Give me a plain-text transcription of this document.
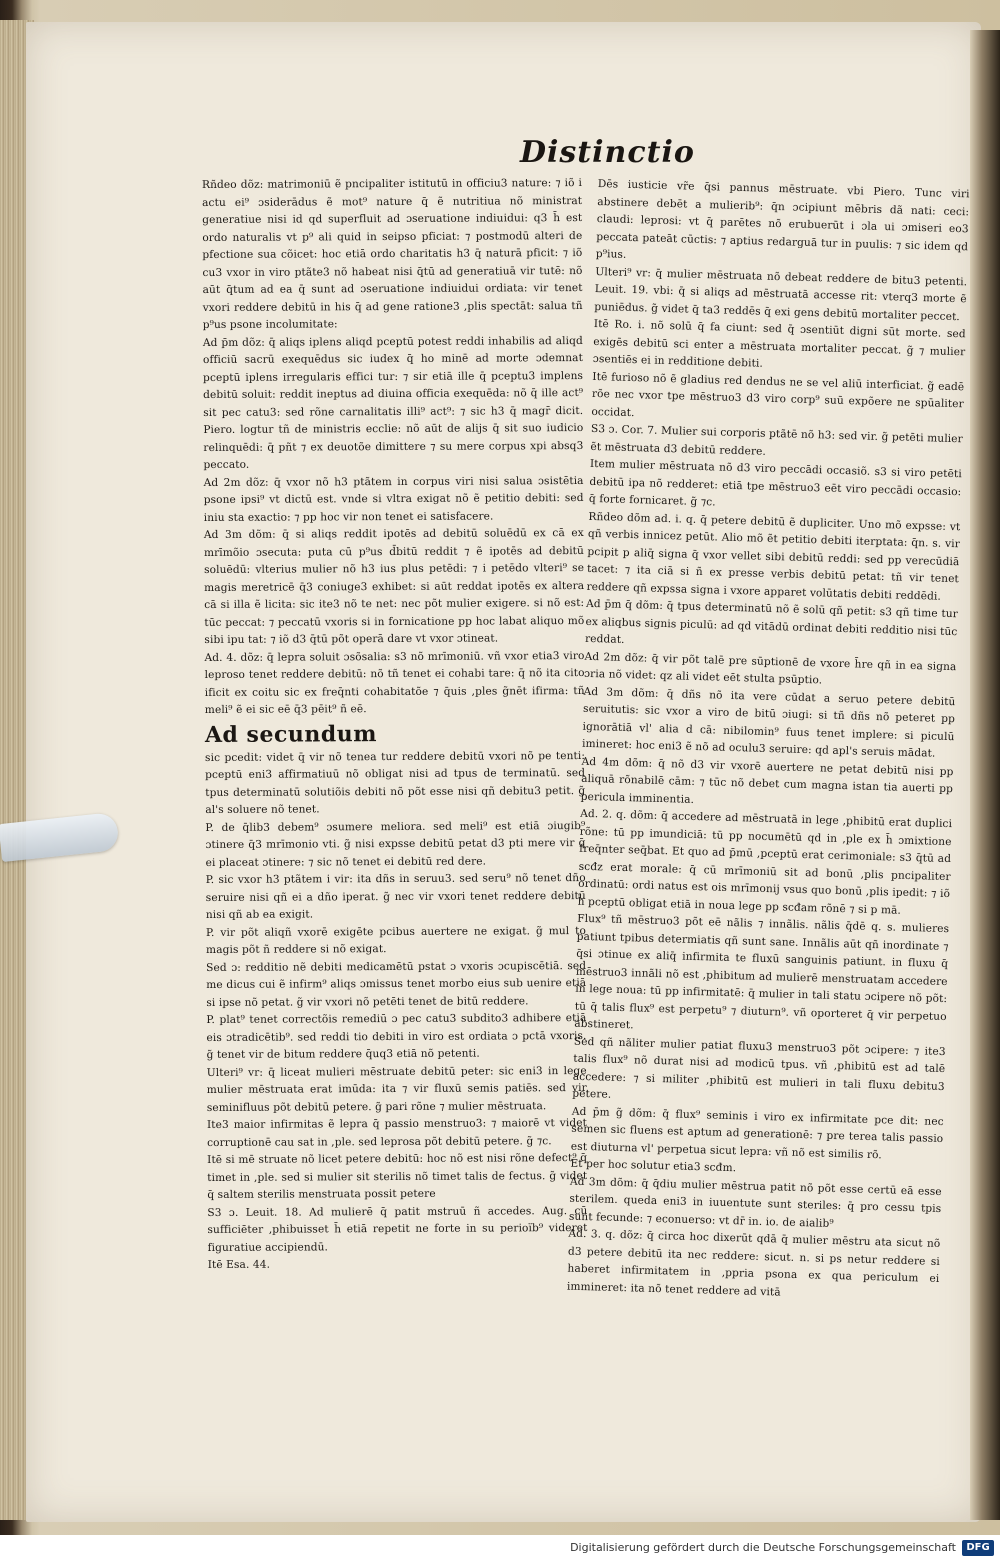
Distinctio

Rñdeo dõz: matrimoniū ẽ pncipaliter istitutū in officiu3 nature: ⁊ iõ i actu ei⁹ ɔsiderādus ẽ mot⁹ nature q̄ ẽ nutritiua nõ ministrat generatiue nisi id qd superfluit ad ɔseruatione indiuidui: q3 h̄ est ordo naturalis vt p⁹ ali quid in seipso pficiat: ⁊ postmodū alteri de pfectione sua cõicet: hoc etiā ordo charitatis h3 q̄ naturā pficit: ⁊ iõ cu3 vxor in viro ptãte3 nõ habeat nisi q̄tū ad generatiuā vir tutē: nõ aūt q̄tum ad ea q̄ sunt ad ɔseruatione indiuidui ordiata: vir tenet vxori reddere debitū in his q̄ ad gene ratione3 ,plis spectāt: salua tñ p⁹us psone incolumitate:

Ad p̄m dõz: q̄ aliqs iplens aliqd pceptū potest reddi inhabilis ad aliqd officiū sacrū exequēdus sic iudex q̄ ho minē ad morte ɔdemnat pceptū iplens irregularis effici tur: ⁊ sir etiā ille q̄ pceptu3 implens debitū soluit: reddit ineptus ad diuina officia exequēda: nõ q̄ ille act⁹ sit pec catu3: sed rõne carnalitatis illi⁹ act⁹: ⁊ sic h3 q̄ magr̄ dicit. Piero. logtur tñ de ministris ecclie: nõ aūt de alijs q̄ sit suo iudicio relinquēdi: q̄ pñt ⁊ ex deuotõe dimittere ⁊ su mere corpus xpi absq3 peccato.

Ad 2m dõz: q̄ vxor nõ h3 ptãtem in corpus viri nisi salua ɔsistētia psone ipsi⁹ vt dictū est. vnde si vltra exigat nõ ẽ petitio debiti: sed iniu sta exactio: ⁊ pp hoc vir non tenet ei satisfacere.

Ad 3m dõm: q̄ si aliqs reddit ipotēs ad debitū soluēdū ex cā ex mrīmõio ɔsecuta: puta cū p⁹us d̄bitū reddit ⁊ ẽ ipotēs ad debitū soluēdū: vlterius mulier nõ h3 ius plus petēdi: ⁊ i petēdo vlteri⁹ se magis meretricē q̄3 coniuge3 exhibet: si aūt reddat ipotēs ex altera cā si illa ẽ licita: sic ite3 nõ te net: nec põt mulier exigere. si nõ est: tūc peccat: ⁊ peccatū vxoris si in fornicatione pp hoc labat aliquo mõ sibi ipu tat: ⁊ iõ d3 q̄tū põt operā dare vt vxor ɔtineat.

Ad. 4. dõz: q̄ lepra soluit ɔsõsalia: s3 nõ mrīmoniū. vñ vxor etia3 viro leproso tenet reddere debitū: nõ tñ tenet ei cohabi tare: q̄ nõ ita cito ificit ex coitu sic ex freq̄nti cohabitatõe ⁊ q̄uis ,ples g̃nēt ifirma: tñ meli⁹ ẽ ei sic eē q̄3 pēit⁹ ñ eē.

Ad secundum

sic pcedit: videt q̄ vir nõ tenea tur reddere debitū vxori nõ pe tenti: pceptū eni3 affirmatiuū nõ obligat nisi ad tpus de terminatū. sed tpus determinatū solutiõis debiti nõ põt esse nisi qñ debitu3 petit. g̃ al's soluere nõ tenet.

P. de q̄lib3 debem⁹ ɔsumere meliora. sed meli⁹ est etiā ɔiugib⁹ ɔtinere q̄3 mrīmonio vti. g̃ nisi expsse debitū petat d3 pti mere vir q̄ ei placeat ɔtinere: ⁊ sic nõ tenet ei debitū red dere.

P. sic vxor h3 ptãtem i vir: ita dñs in seruu3. sed seru⁹ nõ tenet dño seruire nisi qñ ei a dño iperat. g̃ nec vir vxori tenet reddere debitū nisi qñ ab ea exigit.

P. vir põt aliqñ vxorē exigēte pcibus auertere ne exigat. g̃ mul to magis põt ñ reddere si nõ exigat.

Sed ɔ: redditio nẽ debiti medicamētū pstat ɔ vxoris ɔcupiscētiā. sed me dicus cui ẽ infirm⁹ aliqs ɔmissus tenet morbo eius sub uenire etiā si ipse nõ petat. g̃ vir vxori nõ petēti tenet de bitū reddere.

P. plat⁹ tenet correctõis remediū ɔ pec catu3 subdito3 adhibere etiā eis ɔtradicētib⁹. sed reddi tio debiti in viro est ordiata ɔ pctā vxoris. g̃ tenet vir de bitum reddere q̄uq3 etiā nõ petenti.

Ulteri⁹ vr: q̄ liceat mulieri mēstruate debitū peter: sic eni3 in lege mulier mēstruata erat imūda: ita ⁊ vir fluxū semis patiēs. sed vir seminifluus põt debitū petere. g̃ pari rõne ⁊ mulier mēstruata.

Ite3 maior infirmitas ẽ lepra q̄ passio menstruo3: ⁊ maiorē vt videt corruptionē cau sat in ,ple. sed leprosa põt debitū petere. g̃ ⁊c.

Itē si mē struate nõ licet petere debitū: hoc nõ est nisi rõne defect⁹ q̄ timet in ,ple. sed si mulier sit sterilis nõ timet talis de fectus. g̃ videt q̄ saltem sterilis menstruata possit petere

S3 ɔ. Leuit. 18. Ad mulierē q̄ patit mstruū ñ accedes. Aug. cū sufficiēter ,phibuisset h̄ etiā repetit ne forte in su perioïb⁹ videret figuratiue accipiendū.

Itē Esa. 44.

Dēs iusticie vr̃e q̄si pannus mēstruate. vbi Piero. Tunc viri abstinere debēt a mulierib⁹: q̄n ɔcipiunt mēbris dã nati: ceci: claudi: leprosi: vt q̄ parētes nõ erubuerūt i ɔla ui ɔmiseri eo3 peccata pateāt cūctis: ⁊ aptius redarguā tur in puulis: ⁊ sic idem qd p⁹ius.

Ulteri⁹ vr: q̄ mulier mēstruata nõ debeat reddere de bitu3 petenti. Leuit. 19. vbi: q̄ si aliqs ad mēstruatā accesse rit: vterq3 morte ẽ puniēdus. g̃ videt q̄ ta3 reddēs q̄ exi gens debitū mortaliter peccet.

Itē Ro. i. nõ solū q̄ fa ciunt: sed q̄ ɔsentiūt digni sūt morte. sed exigēs debitū sci enter a mēstruata mortaliter peccat. g̃ ⁊ mulier ɔsentiēs ei in redditione debiti.

Itē furioso nõ ẽ gladius red dendus ne se vel aliū interficiat. g̃ eadē rõe nec vxor tpe mēstruo3 d3 viro corp⁹ suū expõere ne spūaliter occidat.

S3 ɔ. Cor. 7. Mulier sui corporis ptãtē nõ h3: sed vir. g̃ petēti mulier ẽt mēstruata d3 debitū reddere.

Item mulier mēstruata nõ d3 viro peccādi occasiõ. s3 si viro petēti debitū ipa nõ redderet: etiā tpe mēstruo3 eēt viro peccādi occasio: q̄ forte fornicaret. g̃ ⁊c.

Rñdeo dõm ad. i. q. q̄ petere debitū ẽ dupliciter. Uno mõ expsse: vt qñ verbis innicez petūt. Alio mõ ẽt petitio debiti iterptata: q̄n. s. vir pcipit p aliq̄ signa q̄ vxor vellet sibi debitū reddi: sed pp verecūdiā tacet: ⁊ ita ciā si ñ ex presse verbis debitū petat: tñ vir tenet reddere qñ expssa signa i vxore apparet volūtatis debiti reddēdi.

Ad p̄m q̄ dõm: q̄ tpus determinatū nõ ẽ solū qñ petit: s3 qñ time tur ex aliqbus signis piculū: ad qd vitādū ordinat debiti redditio nisi tūc reddat.

Ad 2m dõz: q̄ vir põt talē pre sūptionē de vxore h̄re qñ in ea signa ɔria nõ videt: qz ali videt eēt stulta psūptio.

Ad 3m dõm: q̄ dñs nõ ita vere cūdat a seruo petere debitū seruitutis: sic vxor a viro de bitū ɔiugi: si tñ dñs nõ peteret pp ignorātiā vl' alia d cā: nibilomin⁹ fuus tenet implere: si piculū imineret: hoc eni3 ẽ nõ ad oculu3 seruire: qd apl's seruis mādat.

Ad 4m dõm: q̄ nõ d3 vir vxorē auertere ne petat debitū nisi pp aliquā rõnabilē cām: ⁊ tūc nõ debet cum magna istan tia auerti pp pericula imminentia.

Ad. 2. q. dõm: q̄ accedere ad mēstruatā in lege ,phibitū erat duplici rõne: tū pp imundiciā: tū pp nocumētū qd in ,ple ex h̄ ɔmixtione freq̄nter seq̄bat. Et quo ad p̄mū ,pceptū erat cerimoniale: s3 q̄tū ad scđz erat morale: q̄ cū mrīmoniū sit ad bonū ,plis pncipaliter ordinatū: ordi natus est ois mrīmonij vsus quo bonū ,plis ipedit: ⁊ iõ h̄ pceptū obligat etiā in noua lege pp scđam rõnē ⁊ si p mā.

Flux⁹ tñ mēstruo3 põt eē nãlis ⁊ innãlis. nãlis q̄dē q. s. mulieres patiunt tpibus determiatis qñ sunt sane. Innãlis aūt qñ inordinate ⁊ q̄si ɔtinue ex aliq̄ infirmita te fluxū sanguinis patiunt. in fluxu q̄ mēstruo3 innãli nõ est ,phibitum ad mulierē menstruatam accedere in lege noua: tū pp infirmitatē: q̄ mulier in tali statu ɔcipere nõ põt: tū q̄ talis flux⁹ est perpetu⁹ ⁊ diuturn⁹. vñ oporteret q̄ vir perpetuo abstineret.

Sed qñ nãliter mulier patiat fluxu3 menstruo3 põt ɔcipere: ⁊ ite3 talis flux⁹ nõ durat nisi ad modicū tpus. vñ ,phibitū est ad talē accedere: ⁊ si militer ,phibitū est mulieri in tali fluxu debitu3 petere.

Ad p̄m g̃ dõm: q̄ flux⁹ seminis i viro ex infirmitate pce dit: nec semen sic fluens est aptum ad generationē: ⁊ pre terea talis passio est diuturna vl' perpetua sicut lepra: vñ nõ est similis rõ.

Et per hoc solutur etia3 scđm.

Ad 3m dõm: q̄ q̄diu mulier mēstrua patit nõ põt esse certū eā esse sterilem. queda eni3 in iuuentute sunt steriles: q̄ pro cessu tpis sunt fecunde: ⁊ econuerso: vt dr̄ in. io. de aialib⁹

Ad. 3. q. dõz: q̄ circa hoc dixerūt qdā q̄ mulier mēstru ata sicut nõ d3 petere debitū ita nec reddere: sicut. n. si ps netur reddere si haberet infirmitatem in ,ppria psona ex qua periculum ei immineret: ita nõ tenet reddere ad vitā

Digitalisierung gefördert durch die Deutsche Forschungsgemeinschaft	DFG
